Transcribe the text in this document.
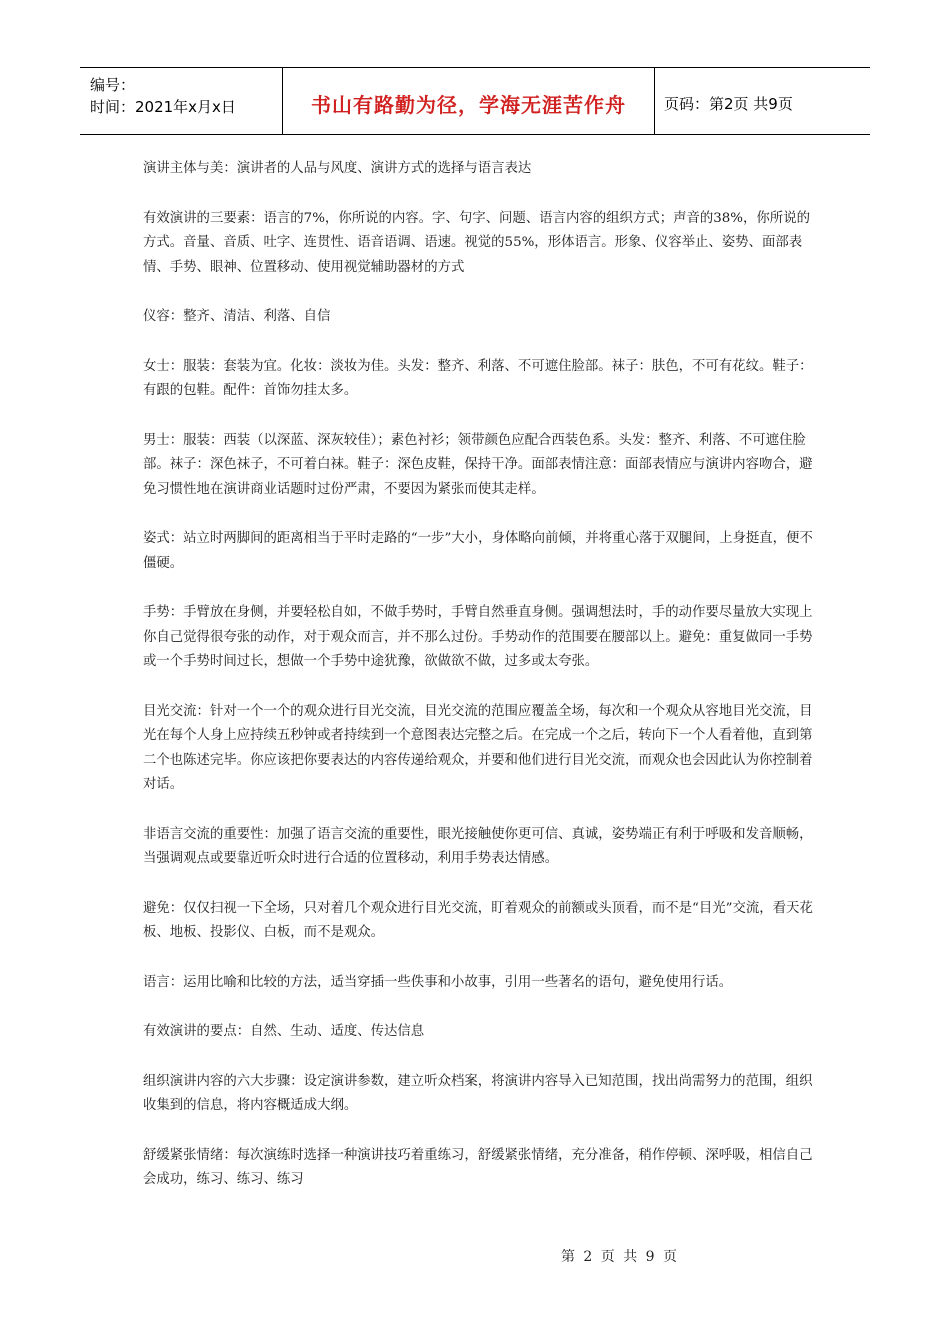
编号：
时间：2021年x月x日	书山有路勤为径，学海无涯苦作舟	页码：第2页 共9页

演讲主体与美：演讲者的人品与风度、演讲方式的选择与语言表达

有效演讲的三要素：语言的7%，你所说的内容。字、句字、问题、语言内容的组织方式；声音的38%，你所说的方式。音量、音质、吐字、连贯性、语音语调、语速。视觉的55%，形体语言。形象、仪容举止、姿势、面部表情、手势、眼神、位置移动、使用视觉辅助器材的方式

仪容：整齐、清洁、利落、自信

女士：服装：套装为宜。化妆：淡妆为佳。头发：整齐、利落、不可遮住脸部。袜子：肤色，不可有花纹。鞋子：有跟的包鞋。配件：首饰勿挂太多。

男士：服装：西装（以深蓝、深灰较佳）；素色衬衫；领带颜色应配合西装色系。头发：整齐、利落、不可遮住脸部。袜子：深色袜子，不可着白袜。鞋子：深色皮鞋，保持干净。面部表情注意：面部表情应与演讲内容吻合，避免习惯性地在演讲商业话题时过份严肃，不要因为紧张而使其走样。

姿式：站立时两脚间的距离相当于平时走路的“一步”大小，身体略向前倾，并将重心落于双腿间，上身挺直，便不僵硬。

手势：手臂放在身侧，并要轻松自如，不做手势时，手臂自然垂直身侧。强调想法时，手的动作要尽量放大实现上你自己觉得很夸张的动作，对于观众而言，并不那么过份。手势动作的范围要在腰部以上。避免：重复做同一手势或一个手势时间过长，想做一个手势中途犹豫，欲做欲不做，过多或太夸张。

目光交流：针对一个一个的观众进行目光交流，目光交流的范围应覆盖全场，每次和一个观众从容地目光交流，目光在每个人身上应持续五秒钟或者持续到一个意图表达完整之后。在完成一个之后，转向下一个人看着他，直到第二个也陈述完毕。你应该把你要表达的内容传递给观众，并要和他们进行目光交流，而观众也会因此认为你控制着对话。

非语言交流的重要性：加强了语言交流的重要性，眼光接触使你更可信、真诚，姿势端正有利于呼吸和发音顺畅，当强调观点或要靠近听众时进行合适的位置移动，利用手势表达情感。

避免：仅仅扫视一下全场，只对着几个观众进行目光交流，盯着观众的前额或头顶看，而不是“目光”交流，看天花板、地板、投影仪、白板，而不是观众。

语言：运用比喻和比较的方法，适当穿插一些佚事和小故事，引用一些著名的语句，避免使用行话。

有效演讲的要点：自然、生动、适度、传达信息

组织演讲内容的六大步骤：设定演讲参数，建立听众档案，将演讲内容导入已知范围，找出尚需努力的范围，组织收集到的信息，将内容概适成大纲。

舒缓紧张情绪：每次演练时选择一种演讲技巧着重练习，舒缓紧张情绪，充分准备，稍作停顿、深呼吸，相信自己会成功，练习、练习、练习

第 2 页 共 9 页
